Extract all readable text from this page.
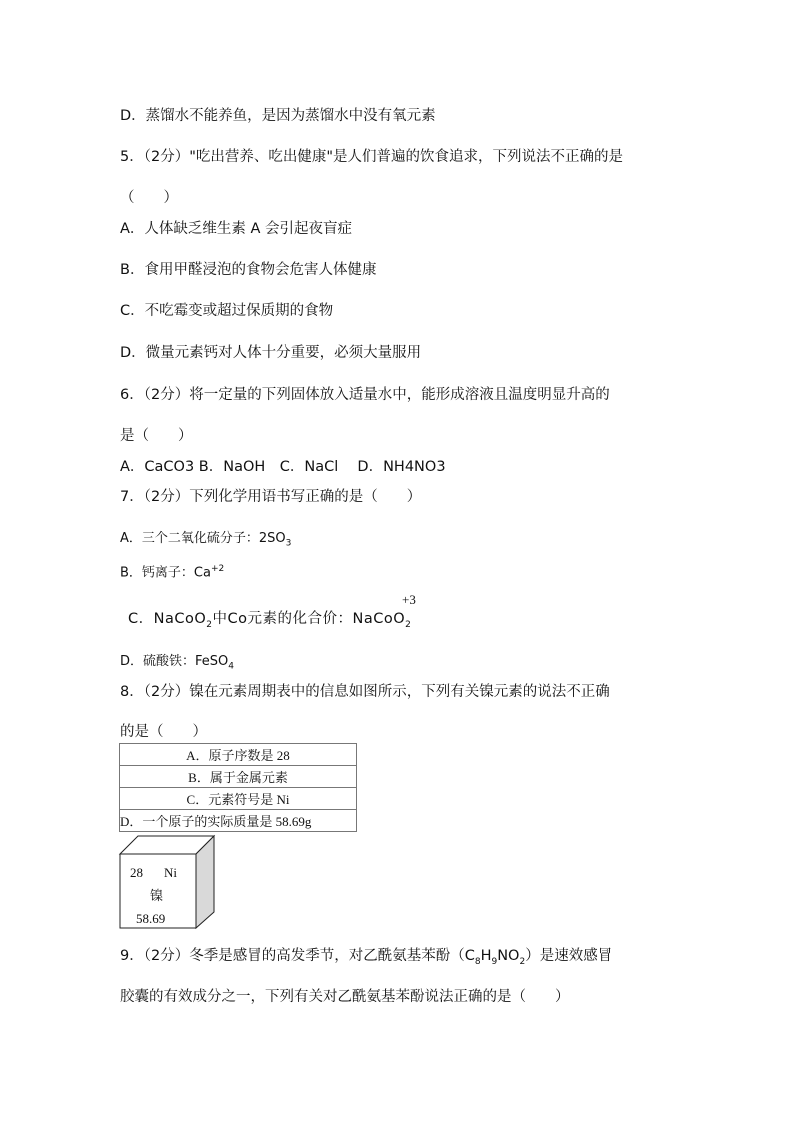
D．蒸馏水不能养鱼，是因为蒸馏水中没有氧元素
5．（2分）"吃出营养、吃出健康"是人们普遍的饮食追求，下列说法不正确的是
（　　）
A．人体缺乏维生素 A 会引起夜盲症
B．食用甲醛浸泡的食物会危害人体健康
C．不吃霉变或超过保质期的食物
D．微量元素钙对人体十分重要，必须大量服用
6．（2分）将一定量的下列固体放入适量水中，能形成溶液且温度明显升高的
是（　　）
A．CaCO3 B．NaOH　C．NaCl　 D．NH4NO3
7．（2分）下列化学用语书写正确的是（　　）
A．三个二氧化硫分子：$2SO_3$
B．钙离子：$Ca^{+2}$
C．NaCoO$_2$中Co元素的化合价：NaCoO$_2$
+3
D．硫酸铁：FeSO$_4$
8．（2分）镍在元素周期表中的信息如图所示，下列有关镍元素的说法不正确
的是（　　）
A．原子序数是 28
B．属于金属元素
C．元素符号是 Ni
D．一个原子的实际质量是 58.69g
28 Ni
镍
58.69
9．（2分）冬季是感冒的高发季节，对乙酰氨基苯酚$(C_8H_9NO_2)$是速效感冒
胶囊的有效成分之一，下列有关对乙酰氨基苯酚说法正确的是（　　）
